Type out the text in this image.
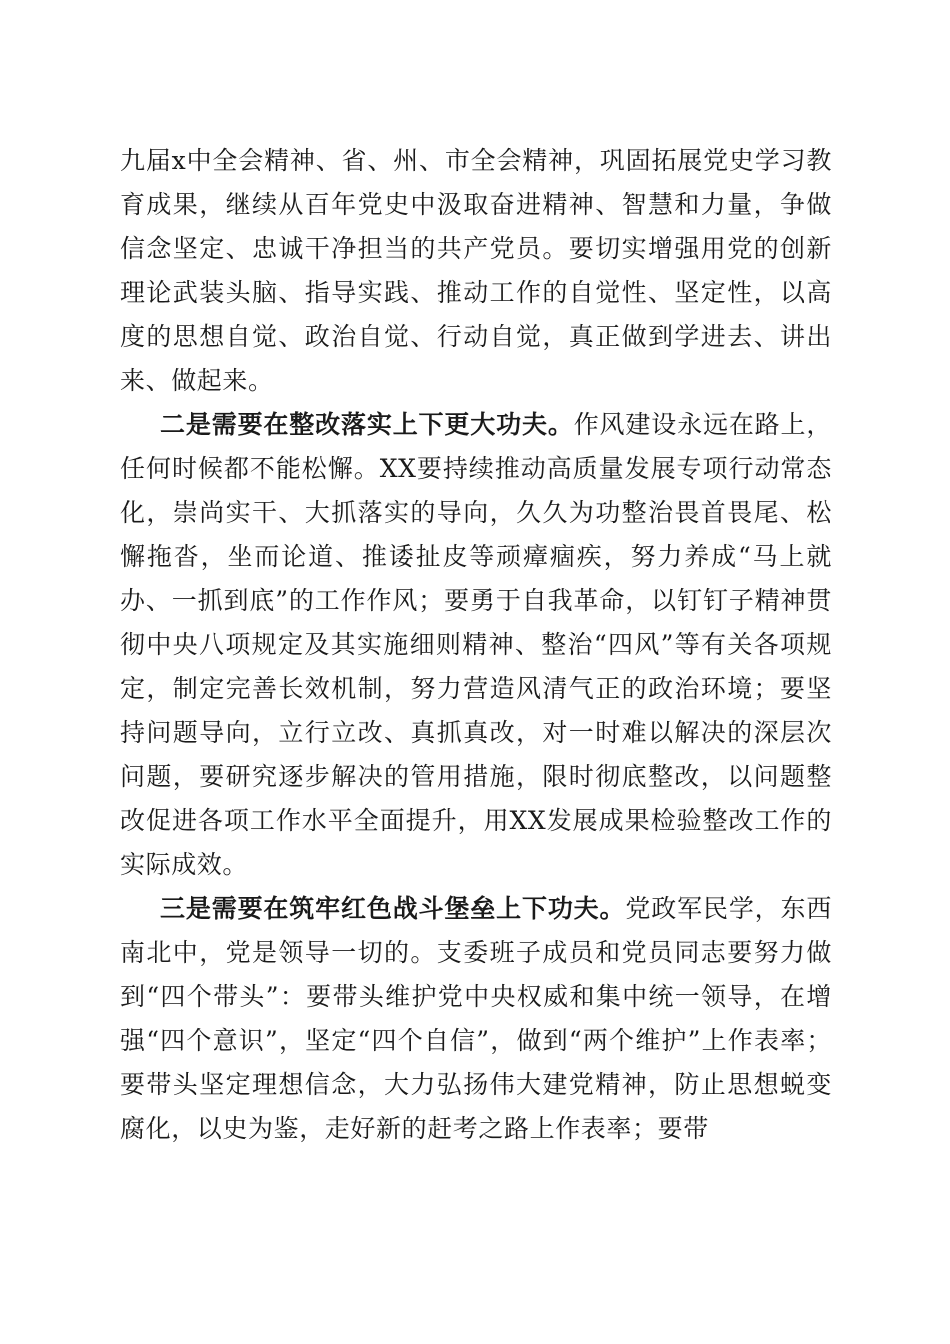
九届x中全会精神、省、州、市全会精神，巩固拓展党史学习教育成果，继续从百年党史中汲取奋进精神、智慧和力量，争做信念坚定、忠诚干净担当的共产党员。要切实增强用党的创新理论武装头脑、指导实践、推动工作的自觉性、坚定性，以高度的思想自觉、政治自觉、行动自觉，真正做到学进去、讲出来、做起来。

二是需要在整改落实上下更大功夫。作风建设永远在路上，任何时候都不能松懈。XX要持续推动高质量发展专项行动常态化，崇尚实干、大抓落实的导向，久久为功整治畏首畏尾、松懈拖沓，坐而论道、推诿扯皮等顽瘴痼疾，努力养成“马上就办、一抓到底”的工作作风；要勇于自我革命，以钉钉子精神贯彻中央八项规定及其实施细则精神、整治“四风”等有关各项规定，制定完善长效机制，努力营造风清气正的政治环境；要坚持问题导向，立行立改、真抓真改，对一时难以解决的深层次问题，要研究逐步解决的管用措施，限时彻底整改，以问题整改促进各项工作水平全面提升，用XX发展成果检验整改工作的实际成效。

三是需要在筑牢红色战斗堡垒上下功夫。党政军民学，东西南北中，党是领导一切的。支委班子成员和党员同志要努力做到“四个带头”：要带头维护党中央权威和集中统一领导，在增强“四个意识”，坚定“四个自信”，做到“两个维护”上作表率；要带头坚定理想信念，大力弘扬伟大建党精神，防止思想蜕变腐化，以史为鉴，走好新的赶考之路上作表率；要带
